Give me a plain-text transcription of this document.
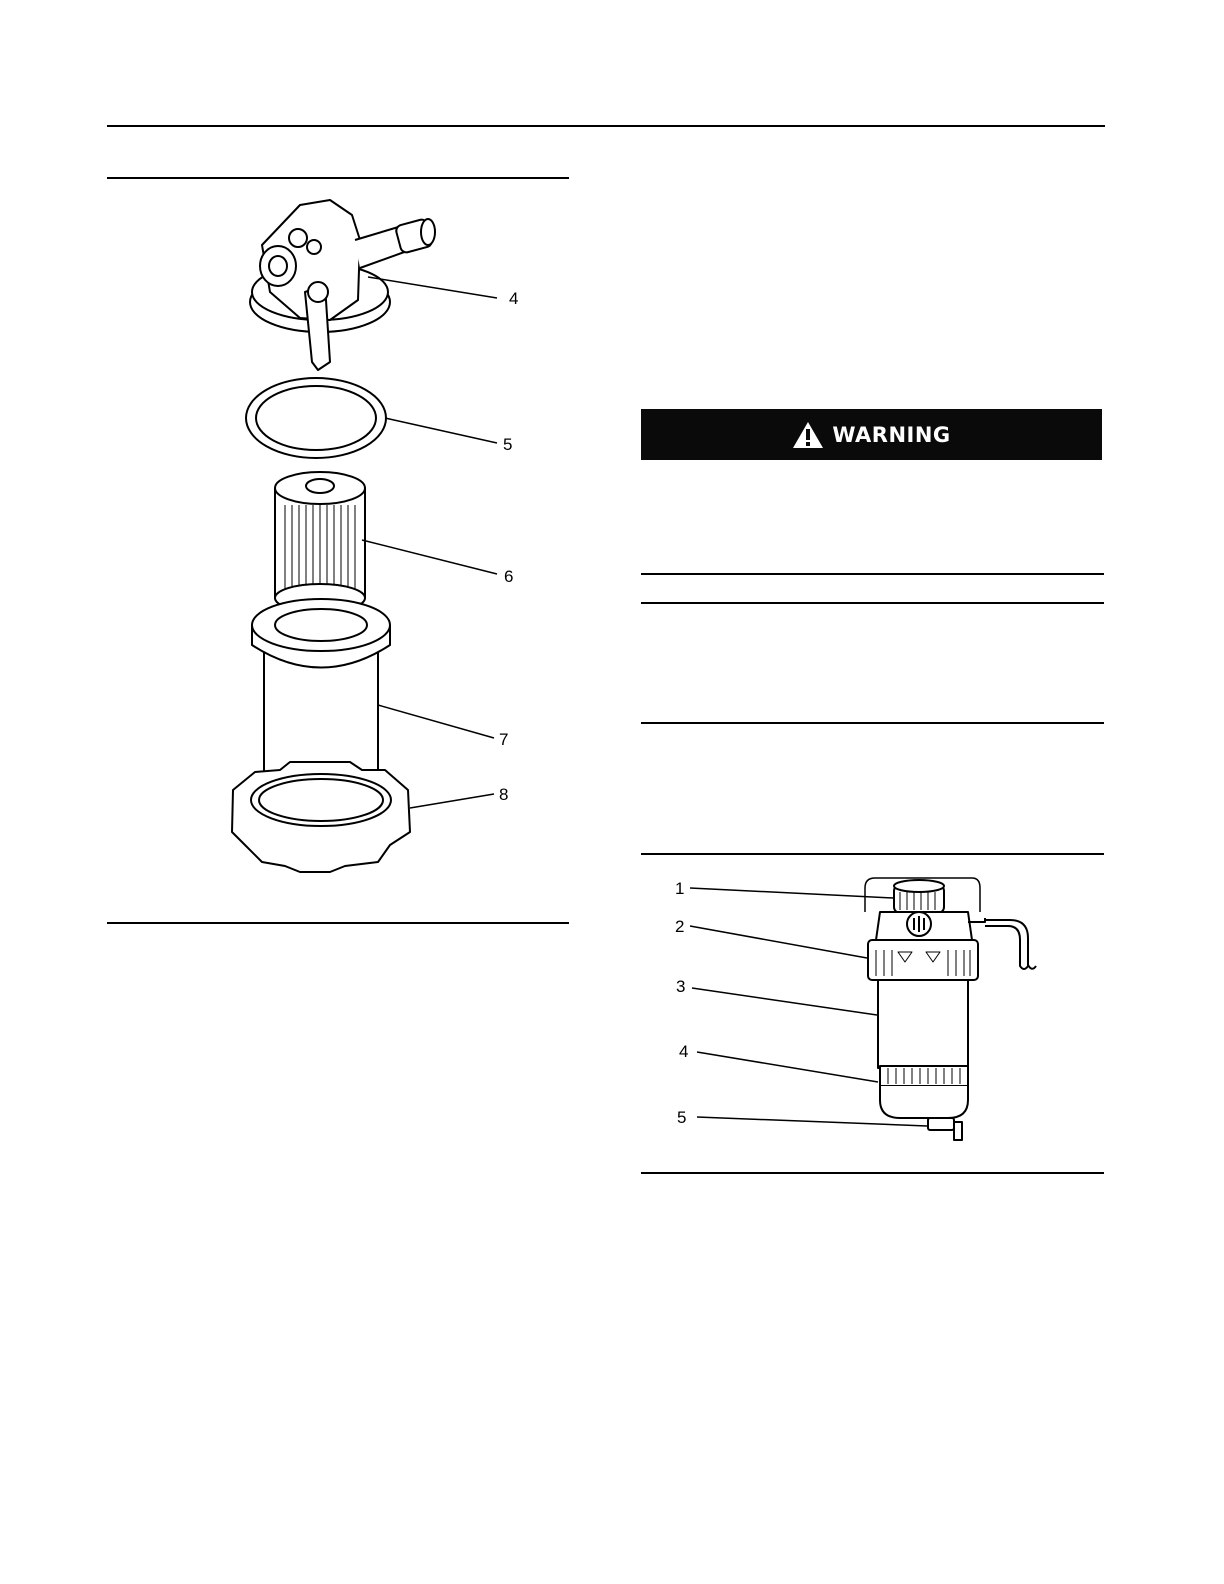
4
5
6
7
8
WARNING
1
2
3
4
5
